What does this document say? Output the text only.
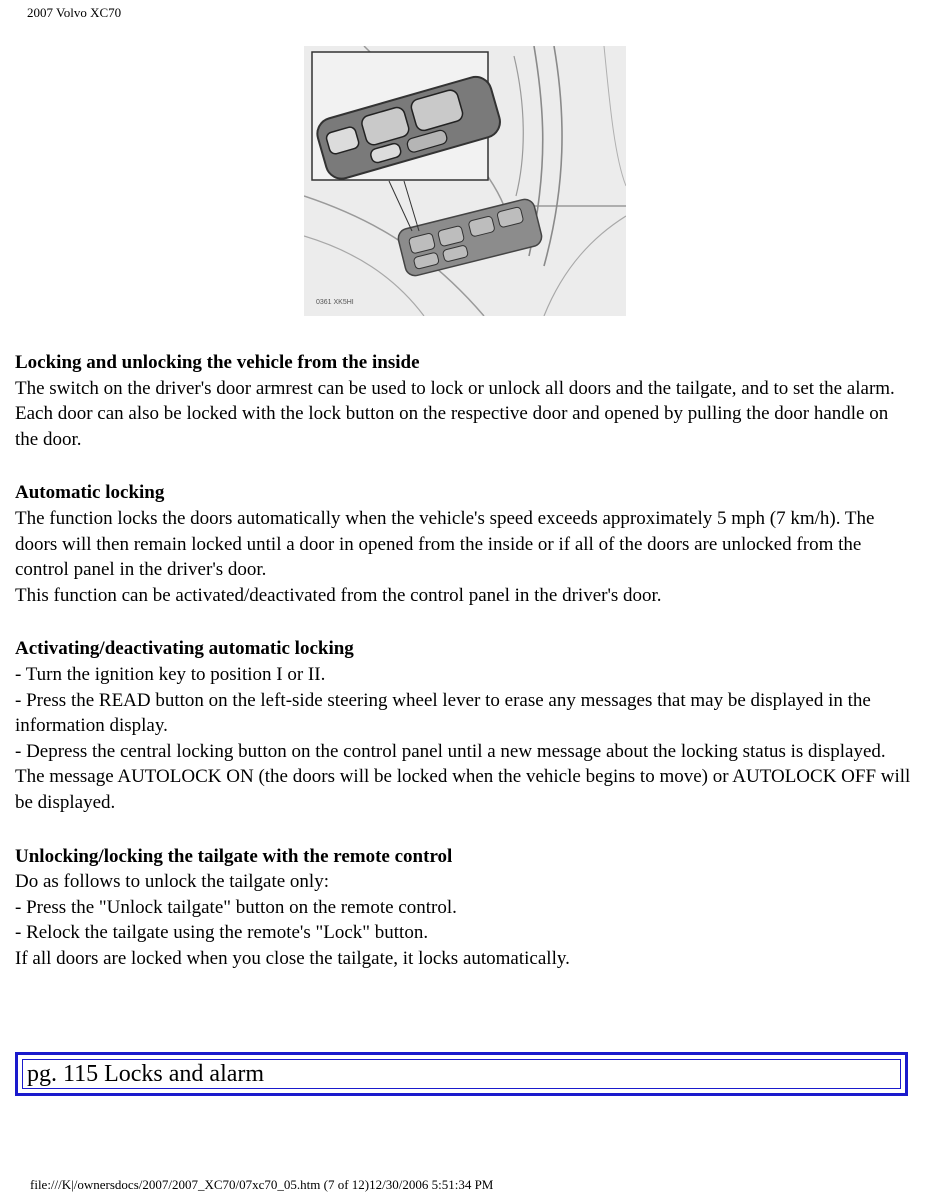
2007 Volvo XC70
0361 XK5HI
Locking and unlocking the vehicle from the inside

The switch on the driver's door armrest can be used to lock or unlock all doors and the tailgate, and to set the alarm.

Each door can also be locked with the lock button on the respective door and opened by pulling the door handle on the door.

Automatic locking

The function locks the doors automatically when the vehicle's speed exceeds approximately 5 mph (7 km/h). The doors will then remain locked until a door in opened from the inside or if all of the doors are unlocked from the control panel in the driver's door.

This function can be activated/deactivated from the control panel in the driver's door.

Activating/deactivating automatic locking

- Turn the ignition key to position I or II.

- Press the READ button on the left-side steering wheel lever to erase any messages that may be displayed in the information display.

- Depress the central locking button on the control panel until a new message about the locking status is displayed.

The message AUTOLOCK ON (the doors will be locked when the vehicle begins to move) or AUTOLOCK OFF will be displayed.

Unlocking/locking the tailgate with the remote control

Do as follows to unlock the tailgate only:

- Press the "Unlock tailgate" button on the remote control.

- Relock the tailgate using the remote's "Lock" button.

If all doors are locked when you close the tailgate, it locks automatically.

pg. 115 Locks and alarm
file:///K|/ownersdocs/2007/2007_XC70/07xc70_05.htm (7 of 12)12/30/2006 5:51:34 PM
